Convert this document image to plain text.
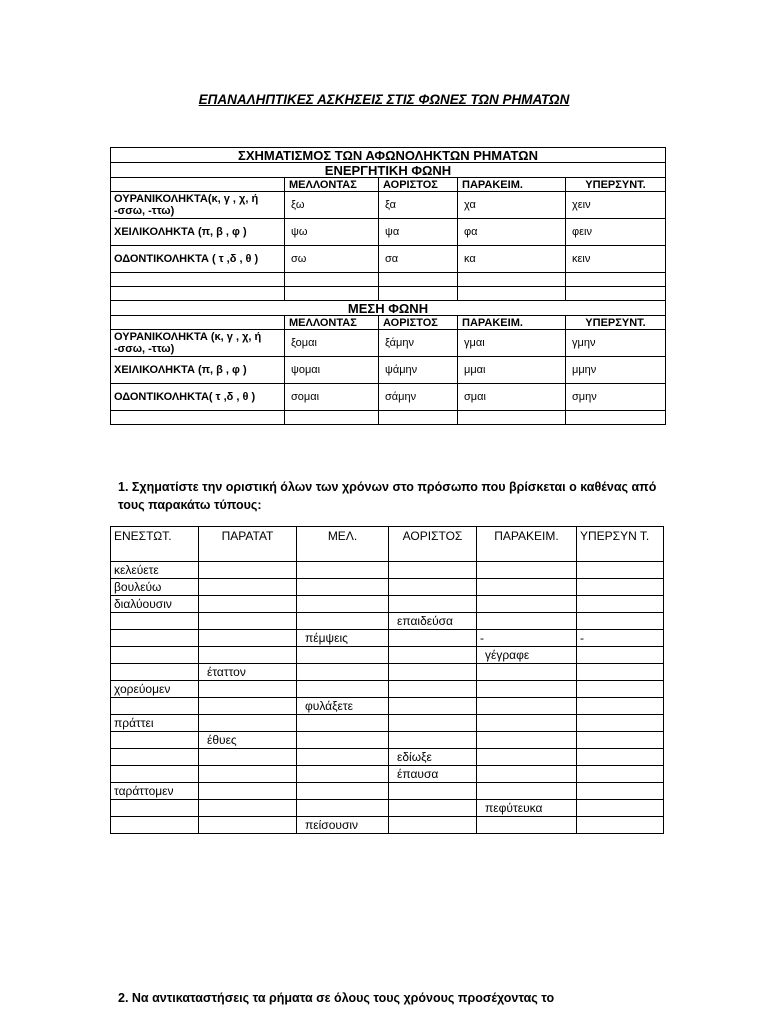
ΕΠΑΝΑΛΗΠΤΙΚΕΣ ΑΣΚΗΣΕΙΣ ΣΤΙΣ ΦΩΝΕΣ ΤΩΝ ΡΗΜΑΤΩΝ
ΣΧΗΜΑΤΙΣΜΟΣ ΤΩΝ ΑΦΩΝΟΛΗΚΤΩΝ ΡΗΜΑΤΩΝ				
ΕΝΕΡΓΗΤΙΚΗ ΦΩΝΗ				
	ΜΕΛΛΟΝΤΑΣ	ΑΟΡΙΣΤΟΣ	ΠΑΡΑΚΕΙΜ.	ΥΠΕΡΣΥΝΤ.
ΟΥΡΑΝΙΚΟΛΗΚΤΑ(κ, γ , χ, ή -σσω, -ττω)	ξω	ξα	χα	χειν
ΧΕΙΛΙΚΟΛΗΚΤΑ (π, β , φ )	ψω	ψα	φα	φειν
ΟΔΟΝΤΙΚΟΛΗΚΤΑ ( τ ,δ , θ )	σω	σα	κα	κειν

ΜΕΣΗ ΦΩΝΗ				
	ΜΕΛΛΟΝΤΑΣ	ΑΟΡΙΣΤΟΣ	ΠΑΡΑΚΕΙΜ.	ΥΠΕΡΣΥΝΤ.
ΟΥΡΑΝΙΚΟΛΗΚΤΑ (κ, γ , χ, ή -σσω, -ττω)	ξομαι	ξάμην	γμαι	γμην
ΧΕΙΛΙΚΟΛΗΚΤΑ (π, β , φ )	ψομαι	ψάμην	μμαι	μμην
ΟΔΟΝΤΙΚΟΛΗΚΤΑ( τ ,δ , θ )	σομαι	σάμην	σμαι	σμην

1. Σχηματίστε την οριστική όλων των χρόνων στο πρόσωπο που βρίσκεται ο καθένας από τους παρακάτω τύπους:
ΕΝΕΣΤΩΤ.	ΠΑΡΑΤΑΤ	ΜΕΛ.	ΑΟΡΙΣΤΟΣ	ΠΑΡΑΚΕΙΜ.	ΥΠΕΡΣΥΝ Τ.
κελεύετε					
βουλεύω					
διαλύουσιν					
			επαιδεύσα		
		πέμψεις		-	-
				γέγραφε	
	έταττον				
χορεύομεν					
		φυλάξετε			
πράττει					
	έθυες				
			εδίωξε		
			έπαυσα		
ταράττομεν					
				πεφύτευκα	
		πείσουσιν			
2. Να αντικαταστήσεις τα ρήματα σε όλους τους χρόνους προσέχοντας το
